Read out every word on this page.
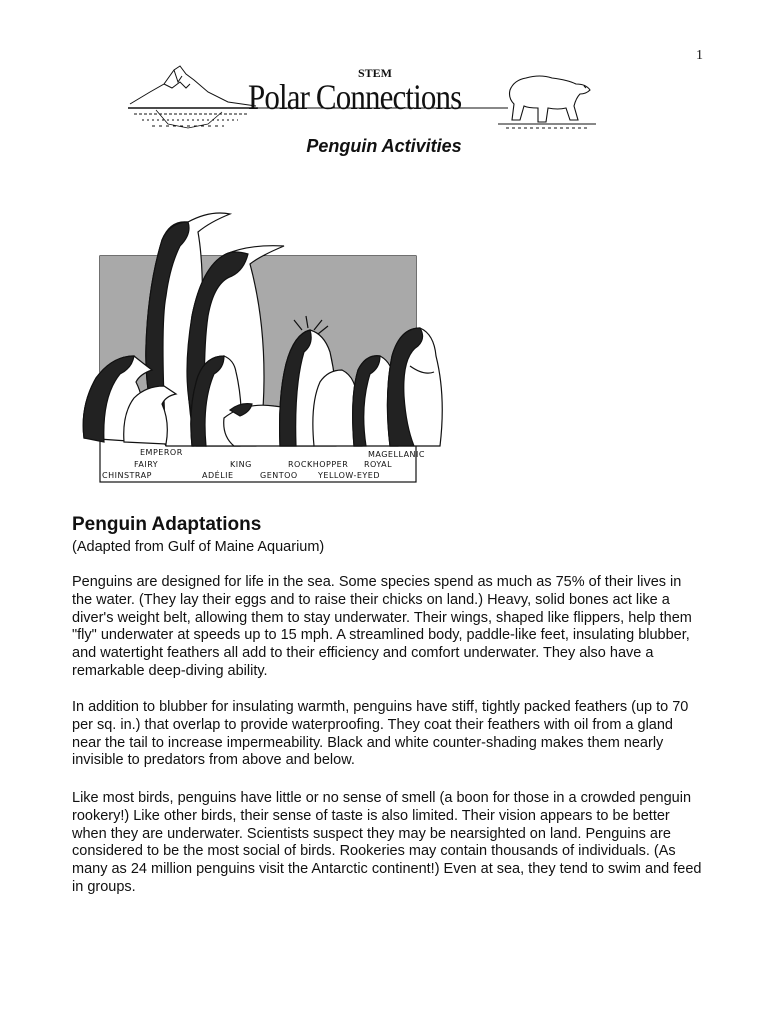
1
STEM
Polar Connections
Penguin Activities
EMPEROR
FAIRY
CHINSTRAP
KING
ADÉLIE	GENTOO
ROCKHOPPER ROYAL
YELLOW-EYED
MAGELLANIC
Penguin Adaptations
(Adapted from Gulf of Maine Aquarium)

Penguins are designed for life in the sea. Some species spend as much as 75% of their lives in the water. (They lay their eggs and to raise their chicks on land.) Heavy, solid bones act like a diver's weight belt, allowing them to stay underwater. Their wings, shaped like flippers, help them "fly" underwater at speeds up to 15 mph. A streamlined body, paddle-like feet, insulating blubber, and watertight feathers all add to their efficiency and comfort underwater. They also have a remarkable deep-diving ability.

In addition to blubber for insulating warmth, penguins have stiff, tightly packed feathers (up to 70 per sq. in.) that overlap to provide waterproofing. They coat their feathers with oil from a gland near the tail to increase impermeability. Black and white counter-shading makes them nearly invisible to predators from above and below.

Like most birds, penguins have little or no sense of smell (a boon for those in a crowded penguin rookery!) Like other birds, their sense of taste is also limited. Their vision appears to be better when they are underwater. Scientists suspect they may be nearsighted on land. Penguins are considered to be the most social of birds. Rookeries may contain thousands of individuals. (As many as 24 million penguins visit the Antarctic continent!) Even at sea, they tend to swim and feed in groups.
